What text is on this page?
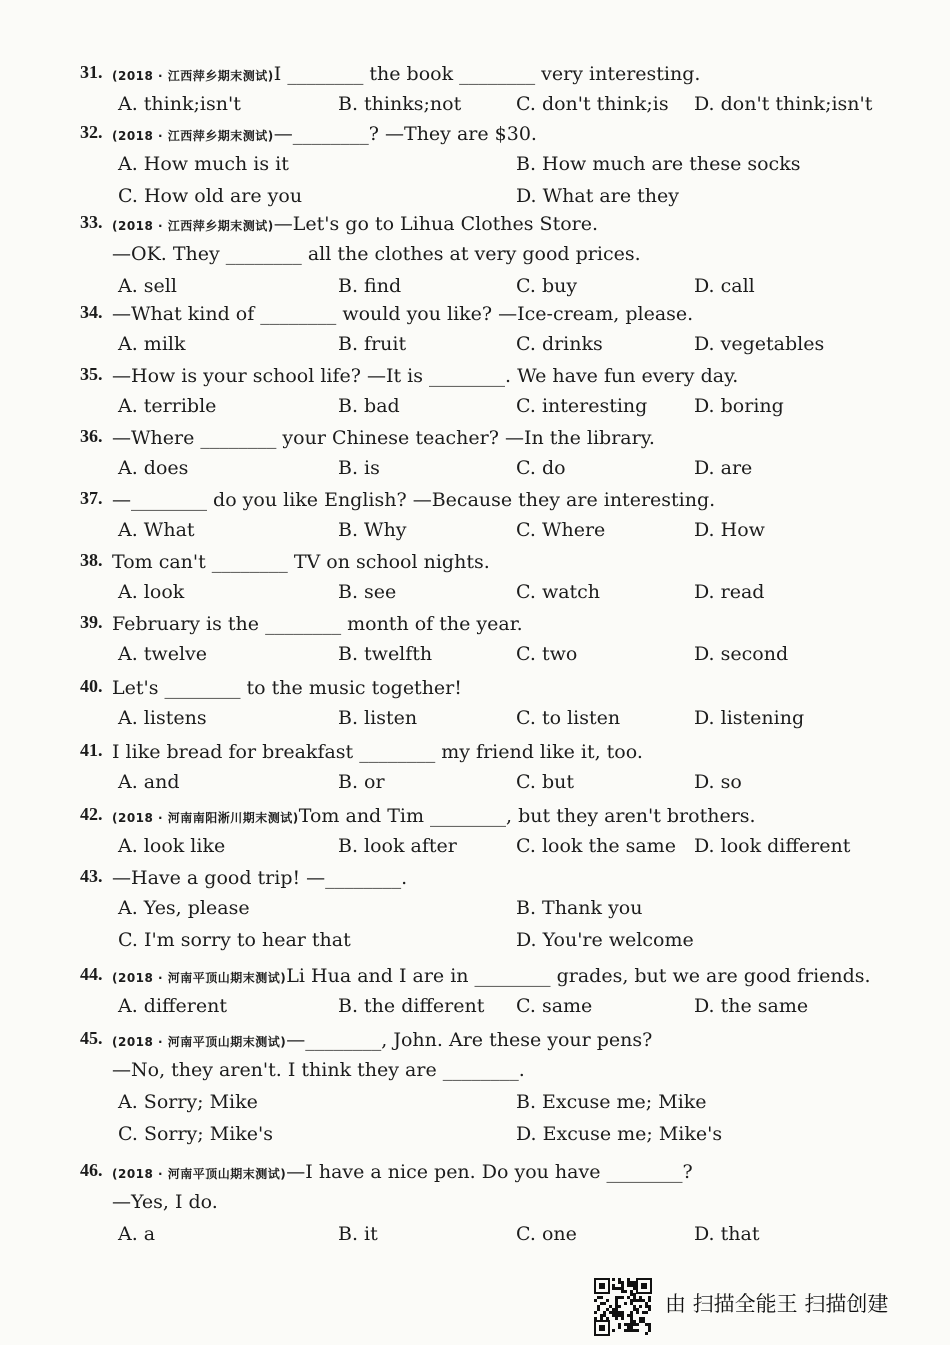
31. (2018 · 江西萍乡期末测试)I ________ the book ________ very interesting.
A. think;isn't	B. thinks;not	C. don't think;is D. don't think;isn't
32. (2018 · 江西萍乡期末测试)—________? —They are $30.
A. How much is it	B. How much are these socks
C. How old are you	D. What are they
33. (2018 · 江西萍乡期末测试)—Let's go to Lihua Clothes Store.
—OK. They ________ all the clothes at very good prices.
A. sell	B. find	C. buy	D. call
34. —What kind of ________ would you like? —Ice-cream, please.
A. milk	B. fruit	C. drinks	D. vegetables
35. —How is your school life? —It is ________. We have fun every day.
A. terrible	B. bad	C. interesting D. boring
36. —Where ________ your Chinese teacher? —In the library.
A. does	B. is	C. do	D. are
37. —________ do you like English? —Because they are interesting.
A. What	B. Why	C. Where	D. How
38. Tom can't ________ TV on school nights.
A. look	B. see	C. watch	D. read
39. February is the ________ month of the year.
A. twelve	B. twelfth	C. two	D. second
40. Let's ________ to the music together!
A. listens	B. listen	C. to listen	D. listening
41. I like bread for breakfast ________ my friend like it, too.
A. and	B. or	C. but	D. so
42. (2018 · 河南南阳淅川期末测试)Tom and Tim ________, but they aren't brothers.
A. look like	B. look after	C. look the same D. look different
43. —Have a good trip! —________.
A. Yes, please	B. Thank you
C. I'm sorry to hear that	D. You're welcome
44. (2018 · 河南平顶山期末测试)Li Hua and I are in ________ grades, but we are good friends.
A. different	B. the different C. same	D. the same
45. (2018 · 河南平顶山期末测试)—________, John. Are these your pens?
—No, they aren't. I think they are ________.
A. Sorry; Mike	B. Excuse me; Mike
C. Sorry; Mike's	D. Excuse me; Mike's
46. (2018 · 河南平顶山期末测试)—I have a nice pen. Do you have ________?
—Yes, I do.
A. a	B. it	C. one	D. that
由 扫描全能王 扫描创建
